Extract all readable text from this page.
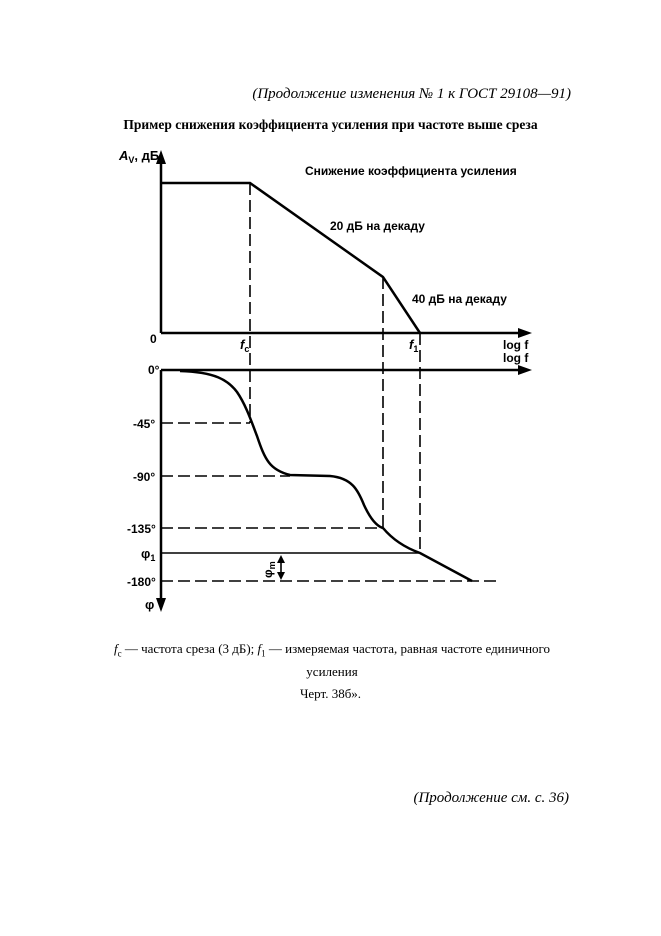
(Продолжение изменения № 1 к ГОСТ 29108—91)
Пример снижения коэффициента усиления при частоте выше среза
$A_V$, дБ
0	log f
Снижение коэффициента усиления
20 дБ на декаду
40 дБ на декаду
$f_c$	$f_1$
log f
φ
0°
-45°
-90°
-135°
$\varphi_1$
-180°
$\varphi_m$
$f_c$ — частота среза (3 дБ); $f_1$ — измеряемая частота, равная частоте единичного усиления
Черт. 38б».
(Продолжение см. с. 36)
